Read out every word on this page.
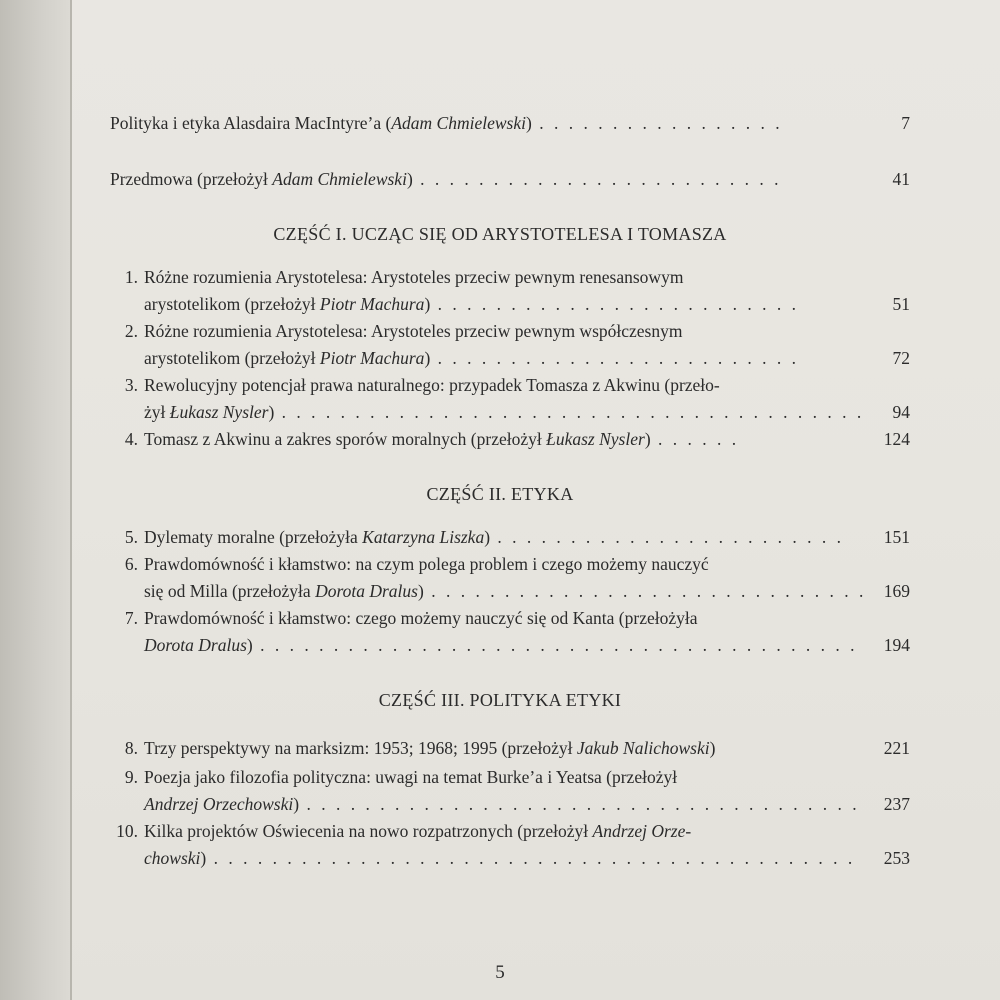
Polityka i etyka Alasdaira MacIntyre’a (Adam Chmielewski) . . . . . . . . . . . . . . . . .	7
Przedmowa (przełożył Adam Chmielewski) . . . . . . . . . . . . . . . . . . . . . . . . .	41
CZĘŚĆ I. UCZĄC SIĘ OD ARYSTOTELESA I TOMASZA
1. Różne rozumienia Arystotelesa: Arystoteles przeciw pewnym renesansowym
arystotelikom (przełożył Piotr Machura) . . . . . . . . . . . . . . . . . . . . . . . . .	51
2. Różne rozumienia Arystotelesa: Arystoteles przeciw pewnym współczesnym
arystotelikom (przełożył Piotr Machura) . . . . . . . . . . . . . . . . . . . . . . . . .	72
3. Rewolucyjny potencjał prawa naturalnego: przypadek Tomasza z Akwinu (przeło-
żył Łukasz Nysler) . . . . . . . . . . . . . . . . . . . . . . . . . . . . . . . . . . . . . . . . 94
4. Tomasz z Akwinu a zakres sporów moralnych (przełożył Łukasz Nysler) . . . . . .	124
CZĘŚĆ II. ETYKA
5. Dylematy moralne (przełożyła Katarzyna Liszka) . . . . . . . . . . . . . . . . . . . . . . . . 151
6. Prawdomówność i kłamstwo: na czym polega problem i czego możemy nauczyć
się od Milla (przełożyła Dorota Dralus) . . . . . . . . . . . . . . . . . . . . . . . . . . . . . . 169
7. Prawdomówność i kłamstwo: czego możemy nauczyć się od Kanta (przełożyła
Dorota Dralus) . . . . . . . . . . . . . . . . . . . . . . . . . . . . . . . . . . . . . . . . . 194
CZĘŚĆ III. POLITYKA ETYKI
8. Trzy perspektywy na marksizm: 1953; 1968; 1995 (przełożył Jakub Nalichowski)	221
9. Poezja jako filozofia polityczna: uwagi na temat Burke’a i Yeatsa (przełożył
Andrzej Orzechowski) . . . . . . . . . . . . . . . . . . . . . . . . . . . . . . . . . . . . . . 237
10. Kilka projektów Oświecenia na nowo rozpatrzonych (przełożył Andrzej Orze-
chowski) . . . . . . . . . . . . . . . . . . . . . . . . . . . . . . . . . . . . . . . . . . . . 253
5
